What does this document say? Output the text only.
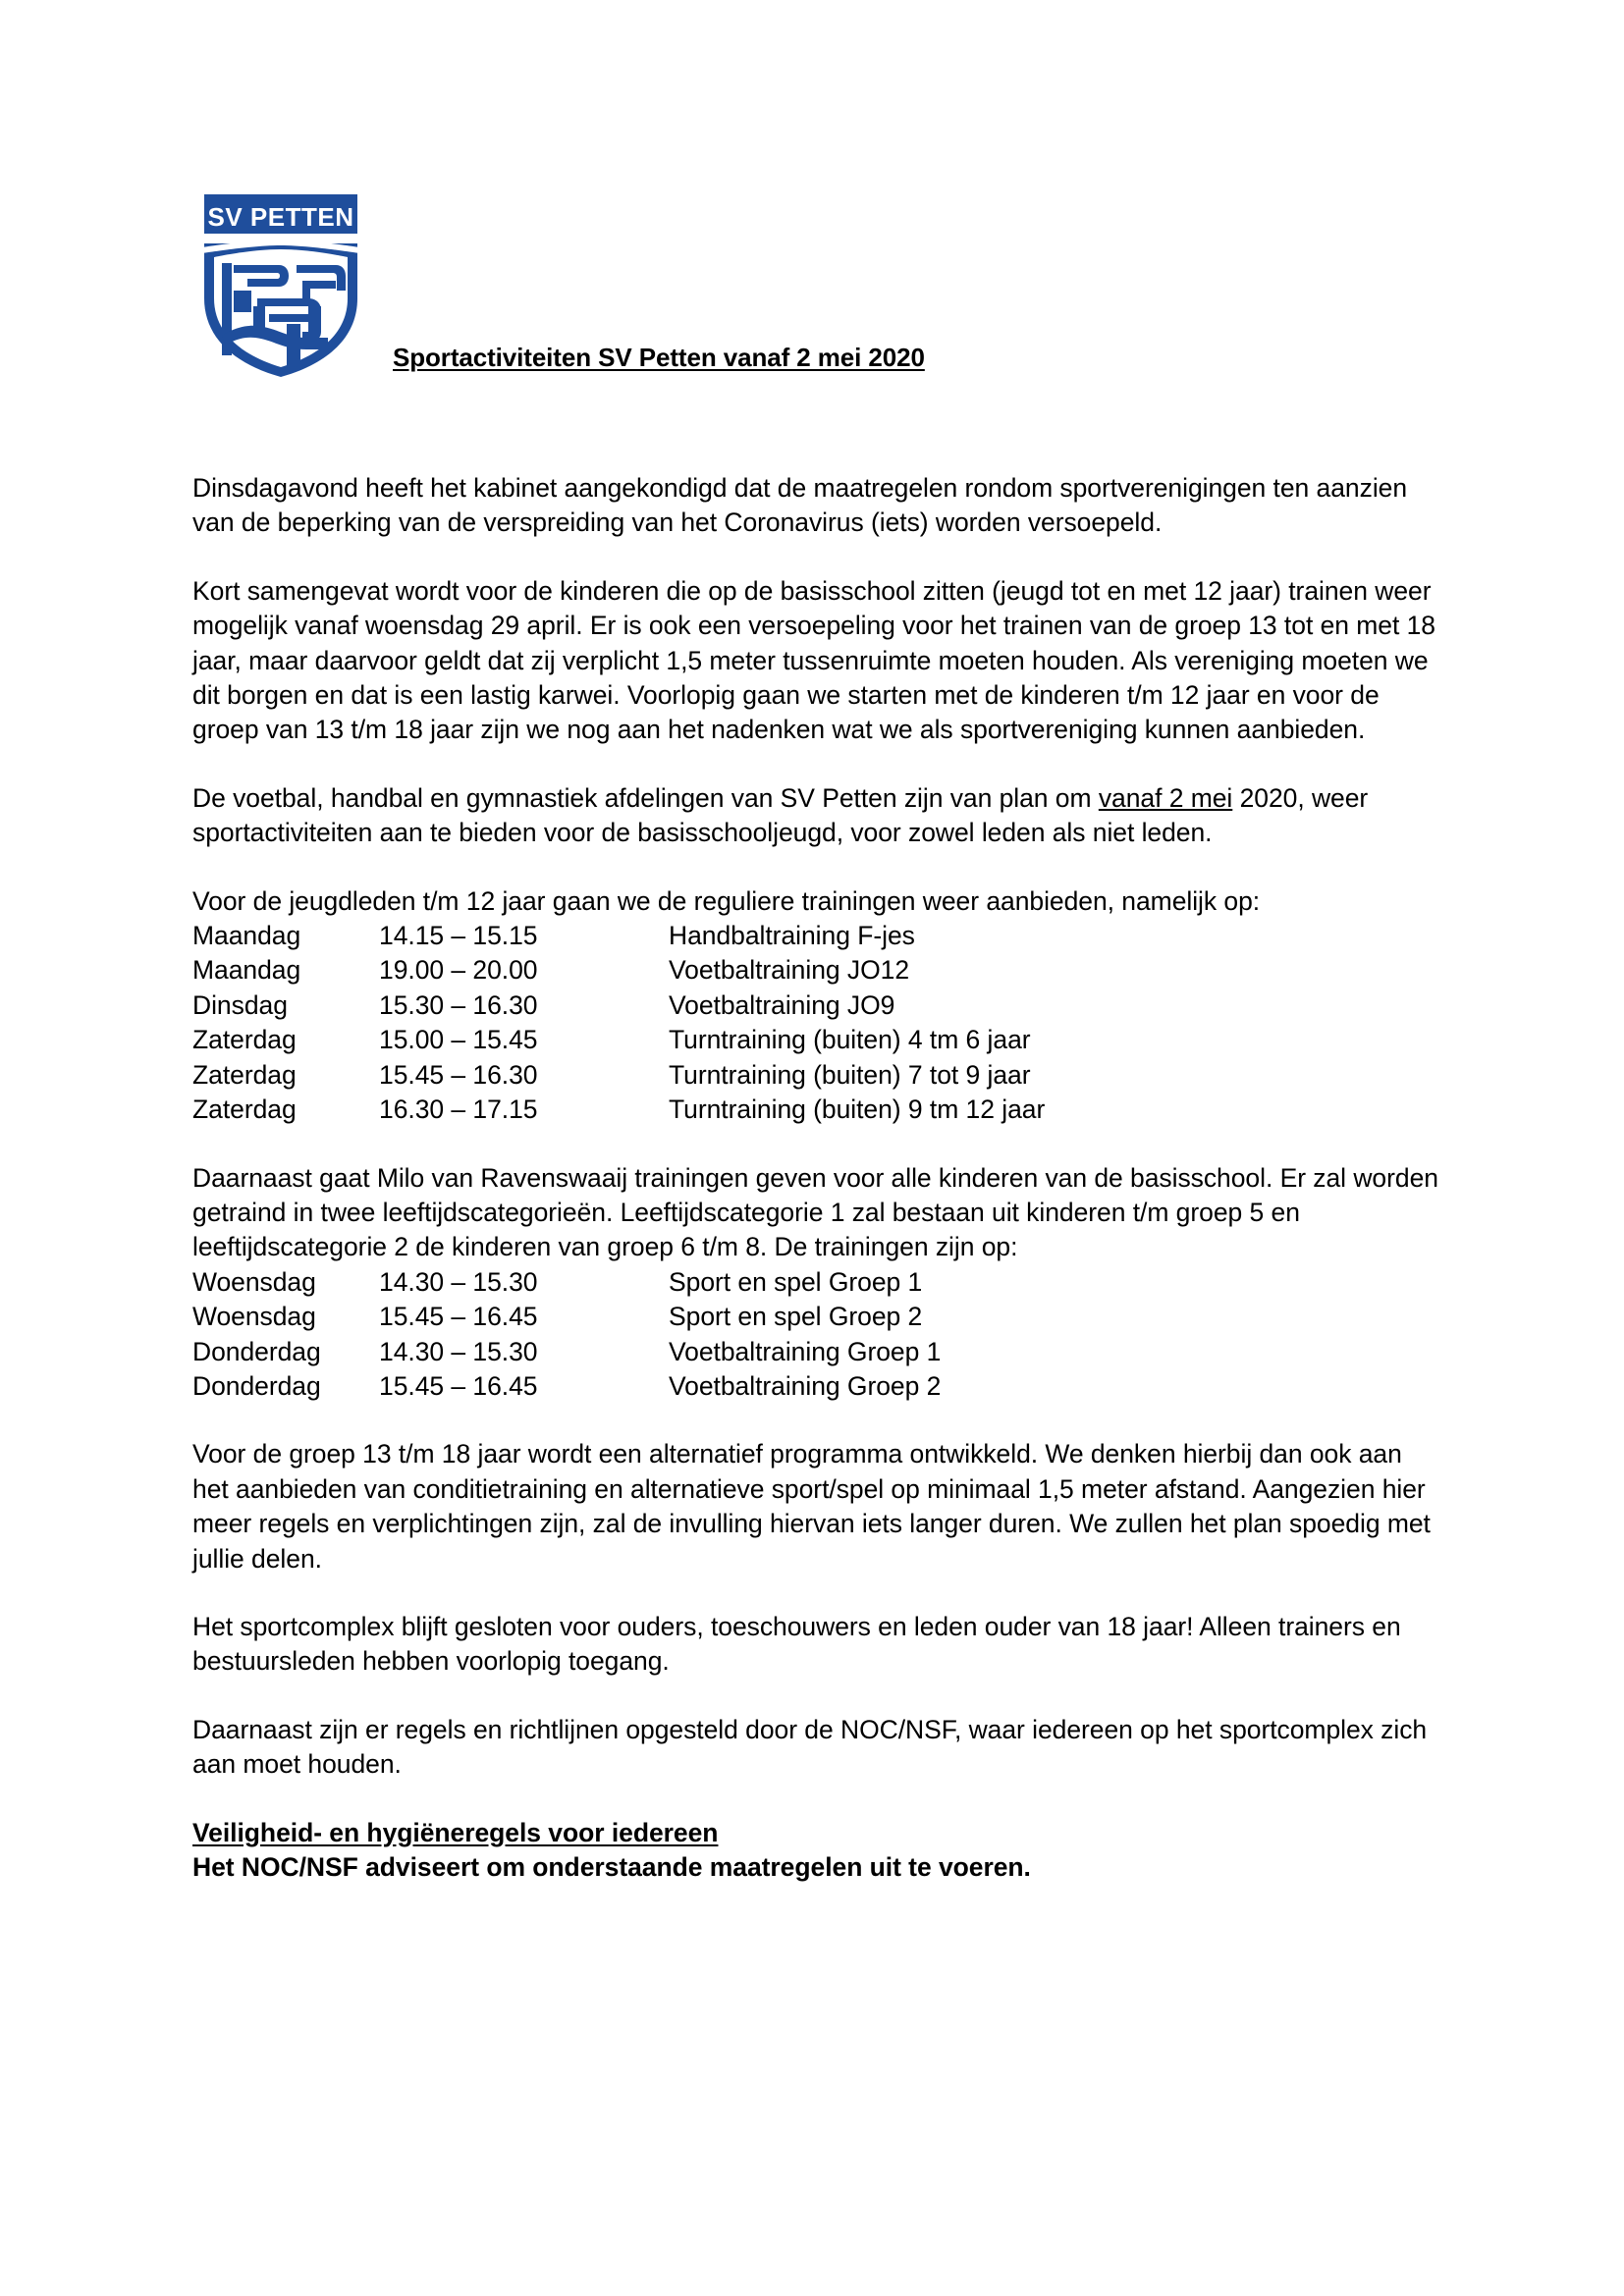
SV PETTEN
Sportactiviteiten SV Petten vanaf 2 mei 2020

Dinsdagavond heeft het kabinet aangekondigd dat de maatregelen rondom sportverenigingen ten aanzien van de beperking van de verspreiding van het Coronavirus (iets) worden versoepeld.

Kort samengevat wordt voor de kinderen die op de basisschool zitten (jeugd tot en met 12 jaar) trainen weer mogelijk vanaf woensdag 29 april. Er is ook een versoepeling voor het trainen van de groep 13 tot en met 18 jaar, maar daarvoor geldt dat zij verplicht 1,5 meter tussenruimte moeten houden. Als vereniging moeten we dit borgen en dat is een lastig karwei. Voorlopig gaan we starten met de kinderen t/m 12 jaar en voor de groep van 13 t/m 18 jaar zijn we nog aan het nadenken wat we als sportvereniging kunnen aanbieden.

De voetbal, handbal en gymnastiek afdelingen van SV Petten zijn van plan om vanaf 2 mei 2020, weer sportactiviteiten aan te bieden voor de basisschooljeugd, voor zowel leden als niet leden.

Voor de jeugdleden t/m 12 jaar gaan we de reguliere trainingen weer aanbieden, namelijk op:

Maandag	14.15 – 15.15	Handbaltraining F-jes
Maandag	19.00 – 20.00	Voetbaltraining JO12
Dinsdag	15.30 – 16.30	Voetbaltraining JO9
Zaterdag	15.00 – 15.45	Turntraining (buiten) 4 tm 6 jaar
Zaterdag	15.45 – 16.30	Turntraining (buiten) 7 tot 9 jaar
Zaterdag	16.30 – 17.15	Turntraining (buiten) 9 tm 12 jaar

Daarnaast gaat Milo van Ravenswaaij trainingen geven voor alle kinderen van de basisschool. Er zal worden getraind in twee leeftijdscategorieën. Leeftijdscategorie 1 zal bestaan uit kinderen t/m groep 5 en leeftijdscategorie 2 de kinderen van groep 6 t/m 8. De trainingen zijn op:

Woensdag	14.30 – 15.30	Sport en spel Groep 1
Woensdag	15.45 – 16.45	Sport en spel Groep 2
Donderdag	14.30 – 15.30	Voetbaltraining Groep 1
Donderdag	15.45 – 16.45	Voetbaltraining Groep 2

Voor de groep 13 t/m 18 jaar wordt een alternatief programma ontwikkeld. We denken hierbij dan ook aan het aanbieden van conditietraining en alternatieve sport/spel op minimaal 1,5 meter afstand. Aangezien hier meer regels en verplichtingen zijn, zal de invulling hiervan iets langer duren. We zullen het plan spoedig met jullie delen.

Het sportcomplex blijft gesloten voor ouders, toeschouwers en leden ouder van 18 jaar! Alleen trainers en bestuursleden hebben voorlopig toegang.

Daarnaast zijn er regels en richtlijnen opgesteld door de NOC/NSF, waar iedereen op het sportcomplex zich aan moet houden.

Veiligheid- en hygiëneregels voor iedereen
Het NOC/NSF adviseert om onderstaande maatregelen uit te voeren.
